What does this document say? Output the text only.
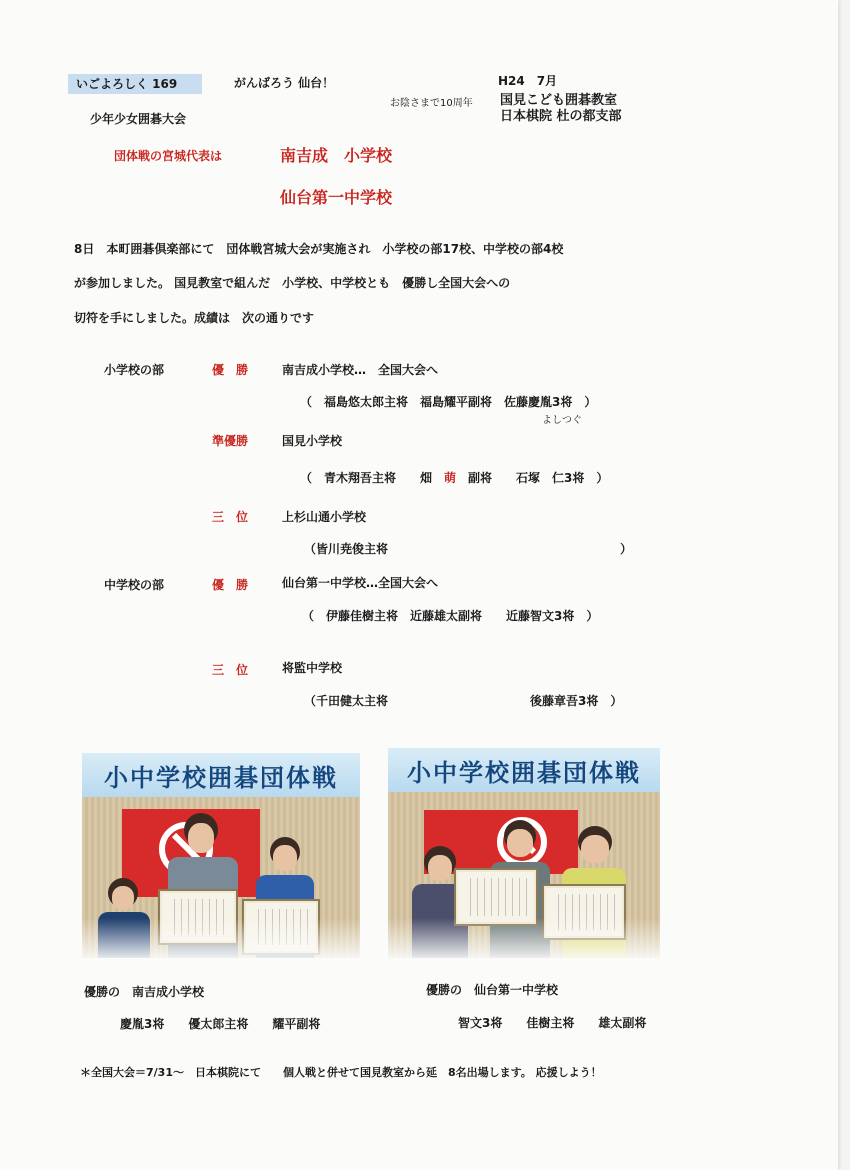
いごよろしく 169	がんばろう 仙台！	H24　7月
お陰さまで10周年 国見こども囲碁教室
日本棋院 杜の都支部
少年少女囲碁大会
団体戦の宮城代表は	南吉成　小学校
仙台第一中学校
8日　本町囲碁倶楽部にて　団体戦宮城大会が実施され　小学校の部17校、中学校の部4校
が参加しました。 国見教室で組んだ　小学校、中学校とも　優勝し全国大会への
切符を手にしました。成績は　次の通りです
小学校の部	優　勝	南吉成小学校…　全国大会へ
（　福島悠太郎主将　福島耀平副将　佐藤慶胤3将　）
よしつぐ
準優勝	国見小学校
（　青木翔吾主将　　畑　萌　副将　　石塚　仁3将　）
三　位	上杉山通小学校
（皆川尭俊主将	）
中学校の部	優　勝	仙台第一中学校…全国大会へ
（　伊藤佳樹主将　近藤雄太副将　　近藤智文3将　）
三　位	将監中学校
（千田健太主将	後藤章吾3将　）
小中学校囲碁団体戦	小中学校囲碁団体戦
優勝の　南吉成小学校
慶胤3将　　優太郎主将　　耀平副将
優勝の　仙台第一中学校
智文3将　　佳樹主将　　雄太副将
＊全国大会＝7/31～　日本棋院にて　　個人戦と併せて国見教室から延　8名出場します。 応援しよう！
